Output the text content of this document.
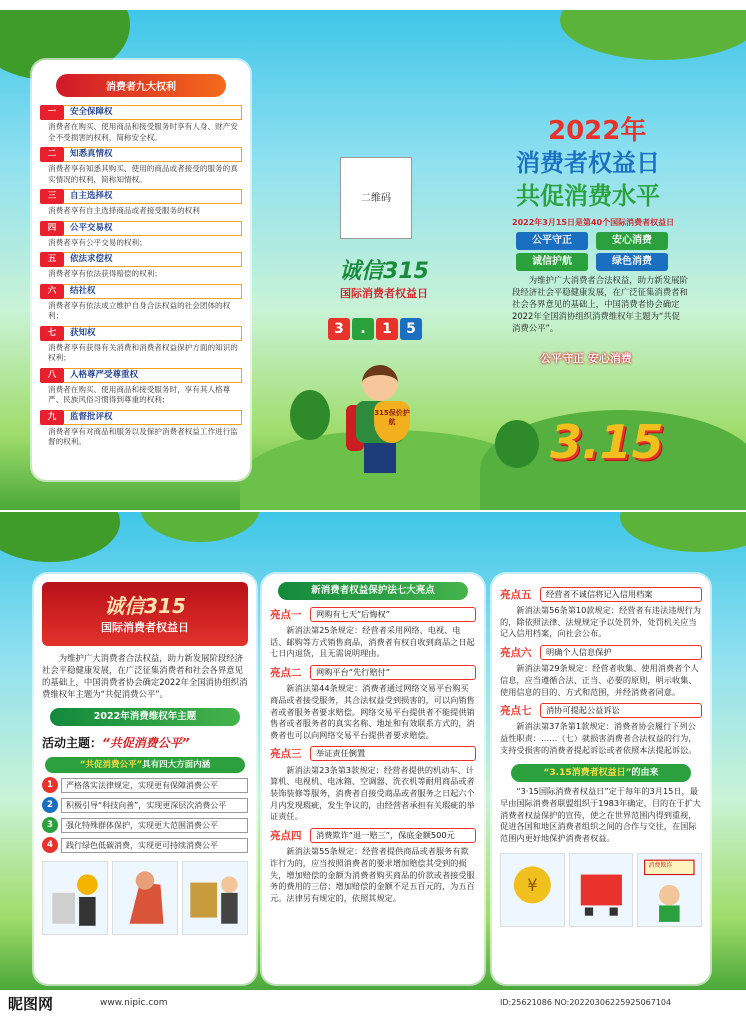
消费者九大权利
一	安全保障权
消费者在购买、使用商品和接受服务时享有人身、财产安全不受损害的权利，简称安全权。
二	知悉真情权
消费者享有知悉其购买、使用的商品或者接受的服务的真实情况的权利，简称知情权。
三	自主选择权
消费者享有自主选择商品或者接受服务的权利
四	公平交易权
消费者享有公平交易的权利；
五	依法求偿权
消费者享有依法获得赔偿的权利；
六	结社权
消费者享有依法成立维护自身合法权益的社会团体的权利；
七	获知权
消费者享有获得有关消费和消费者权益保护方面的知识的权利；
八	人格尊严受尊重权
消费者在购买、使用商品和接受服务时，享有其人格尊严、民族风俗习惯得到尊重的权利；
九	监督批评权
消费者享有对商品和服务以及保护消费者权益工作进行监督的权利。
二维码
诚信315
国际消费者权益日
3	.	1	5
315保价护航
2022年
消费者权益日
共促消费水平
2022年3月15日是第40个国际消费者权益日
公平守正	安心消费
诚信护航	绿色消费
为维护广大消费者合法权益，助力新发展阶段经济社会平稳健康发展，在广泛征集消费者和社会各界意见的基础上，中国消费者协会确定2022年全国消协组织消费维权年主题为“共促消费公平”。
公平守正 安心消费
3.15
诚信315
国际消费者权益日
为维护广大消费者合法权益，助力新发展阶段经济社会平稳健康发展，在广泛征集消费者和社会各界意见的基础上，中国消费者协会确定2022年全国消协组织消费维权年主题为“共促消费公平”。
2022年消费维权年主题
活动主题：“共促消费公平”
“共促消费公平”具有四大方面内涵
1	严格落实法律规定，实现更有保障消费公平
2	积极引导“科技向善”，实现更深层次消费公平
3	强化特殊群体保护，实现更大范围消费公平
4	践行绿色低碳消费，实现更可持续消费公平
新消费者权益保护法七大亮点
亮点一	网购有七天“后悔权”
新消法第25条规定：经营者采用网络、电视、电话、邮购等方式销售商品，消费者有权自收到商品之日起七日内退货，且无需说明理由。
亮点二	网购平台“先行赔付”
新消法第44条规定：消费者通过网络交易平台购买商品或者接受服务，其合法权益受到损害的，可以向销售者或者服务者要求赔偿。网络交易平台提供者不能提供销售者或者服务者的真实名称、地址和有效联系方式的，消费者也可以向网络交易平台提供者要求赔偿。
亮点三	举证责任倒置
新消法第23条第3款规定：经营者提供的机动车、计算机、电视机、电冰箱、空调器、洗衣机等耐用商品或者装饰装修等服务，消费者自接受商品或者服务之日起六个月内发现瑕疵，发生争议的，由经营者承担有关瑕疵的举证责任。
亮点四	消费欺诈“退一赔三”，保底金额500元
新消法第55条规定：经营者提供商品或者服务有欺诈行为的，应当按照消费者的要求增加赔偿其受到的损失，增加赔偿的金额为消费者购买商品的价款或者接受服务的费用的三倍；增加赔偿的金额不足五百元的，为五百元。法律另有规定的，依照其规定。
亮点五	经营者不诚信将记入信用档案
新消法第56条第10款规定：经营者有违法违规行为的，除依照法律、法规规定予以处罚外，处罚机关应当记入信用档案，向社会公布。
亮点六	明确个人信息保护
新消法第29条规定：经营者收集、使用消费者个人信息，应当遵循合法、正当、必要的原则，明示收集、使用信息的目的、方式和范围，并经消费者同意。
亮点七	消协可提起公益诉讼
新消法第37条第1款规定：消费者协会履行下列公益性职责：……（七）就损害消费者合法权益的行为，支持受损害的消费者提起诉讼或者依照本法提起诉讼。
“3.15消费者权益日”的由来
“3·15国际消费者权益日”定于每年的3月15日，最早由国际消费者联盟组织于1983年确定，目的在于扩大消费者权益保护的宣传，使之在世界范围内得到重视，促进各国和地区消费者组织之间的合作与交往，在国际范围内更好地保护消费者权益。
¥
消费欺诈
昵图网	www.nipic.com	ID:25621086 NO:20220306225925067104
